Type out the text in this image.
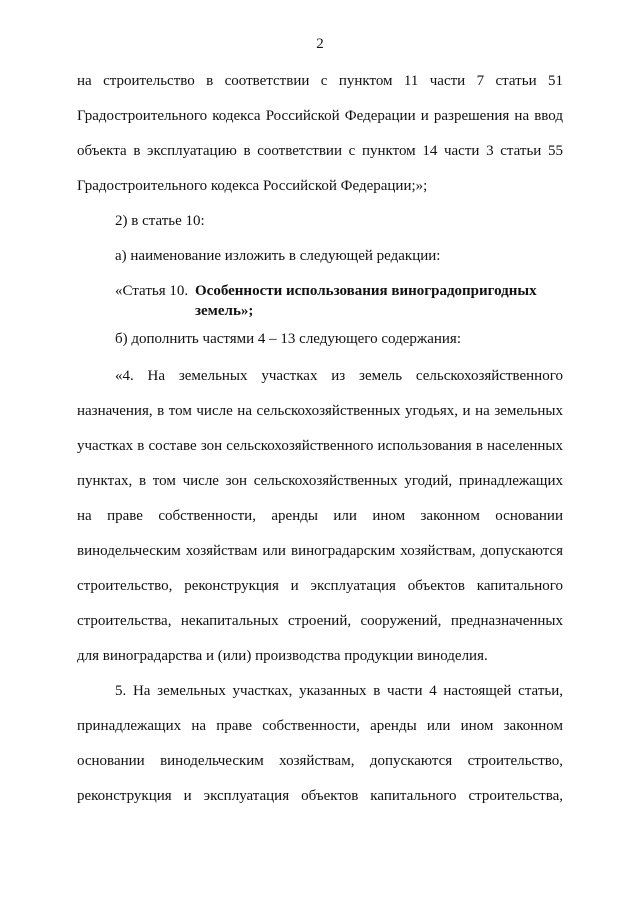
2

на строительство в соответствии с пунктом 11 части 7 статьи 51

Градостроительного кодекса Российской Федерации и разрешения на ввод

объекта в эксплуатацию в соответствии с пунктом 14 части 3 статьи 55

Градостроительного кодекса Российской Федерации;»;

2) в статье 10:

а) наименование изложить в следующей редакции:

«Статья 10. Особенности использования виноградопригодных
земель»;

б) дополнить частями 4 – 13 следующего содержания:

«4. На земельных участках из земель сельскохозяйственного

назначения, в том числе на сельскохозяйственных угодьях, и на земельных

участках в составе зон сельскохозяйственного использования в населенных

пунктах, в том числе зон сельскохозяйственных угодий, принадлежащих

на праве собственности, аренды или ином законном основании

винодельческим хозяйствам или виноградарским хозяйствам, допускаются

строительство, реконструкция и эксплуатация объектов капитального

строительства, некапитальных строений, сооружений, предназначенных

для виноградарства и (или) производства продукции виноделия.

5. На земельных участках, указанных в части 4 настоящей статьи,

принадлежащих на праве собственности, аренды или ином законном

основании винодельческим хозяйствам, допускаются строительство,

реконструкция и эксплуатация объектов капитального строительства,
